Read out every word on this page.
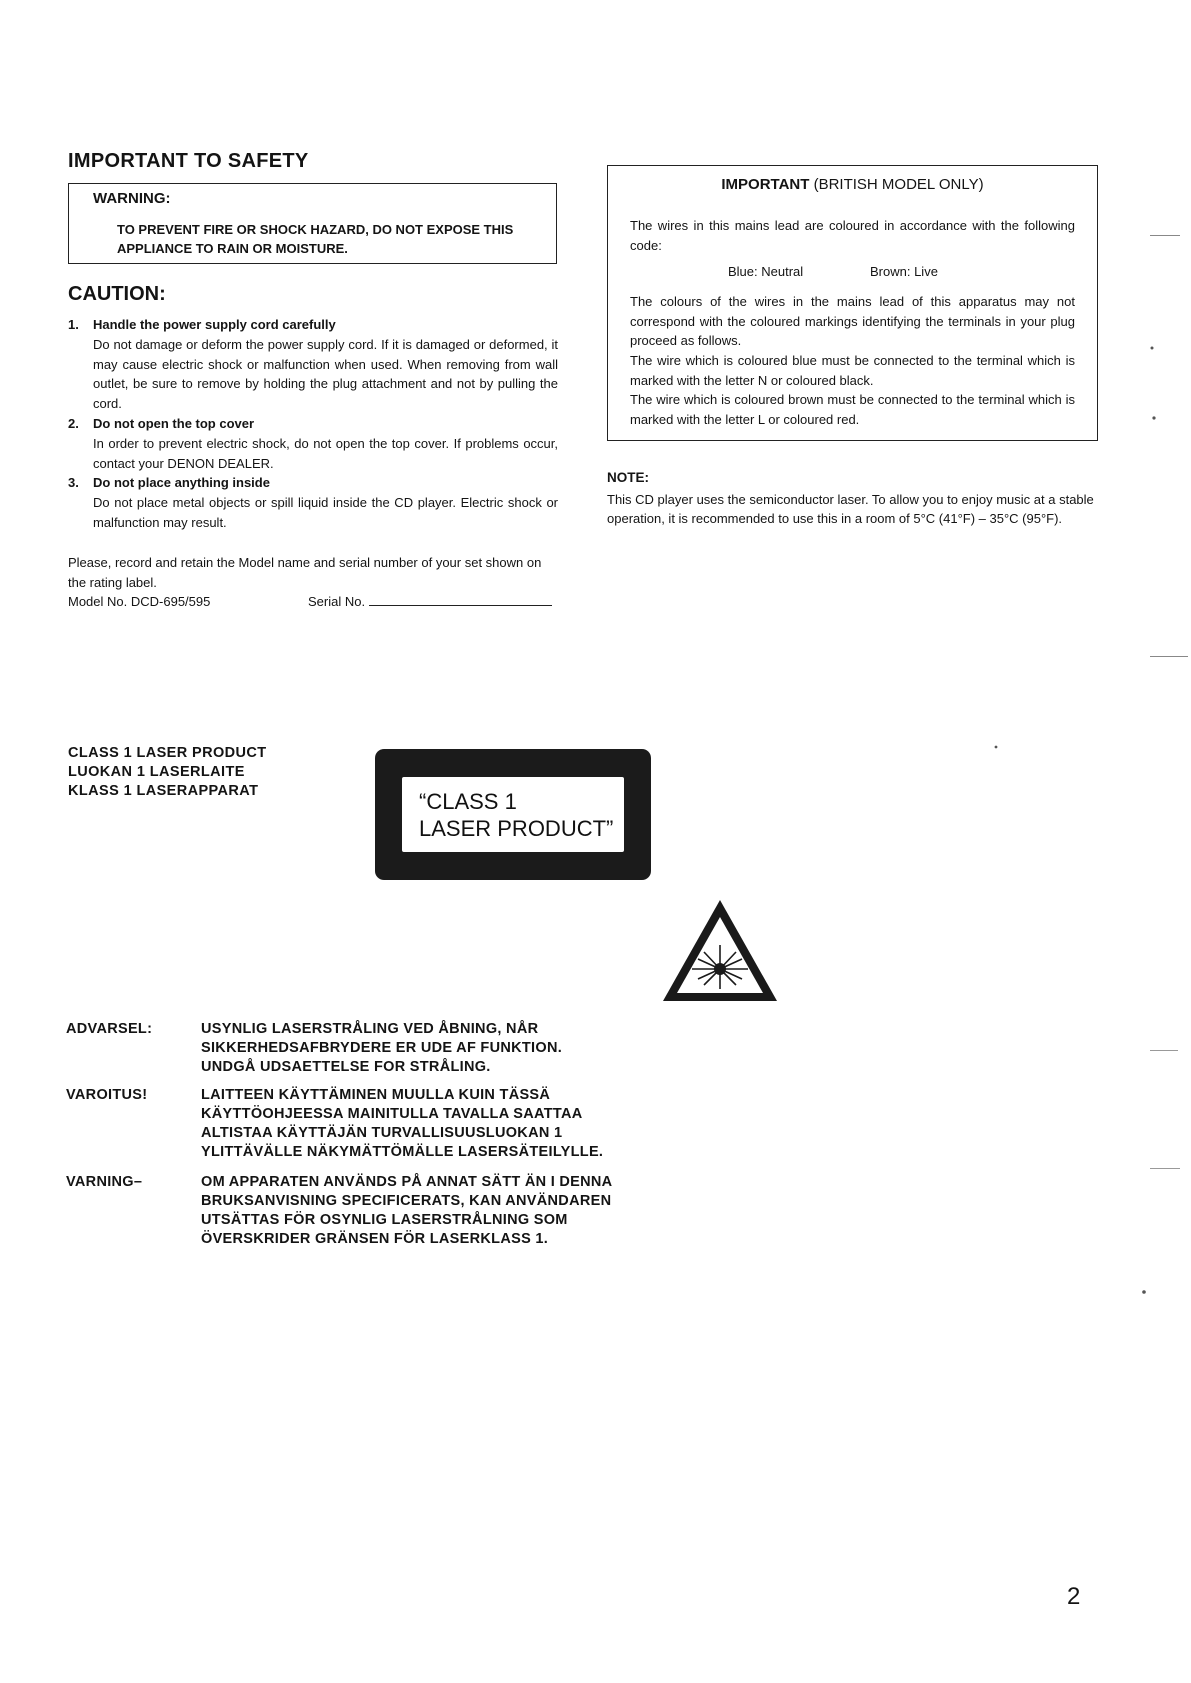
IMPORTANT TO SAFETY
WARNING:
TO PREVENT FIRE OR SHOCK HAZARD, DO NOT EXPOSE THIS
APPLIANCE TO RAIN OR MOISTURE.
CAUTION:
1.	Handle the power supply cord carefully
Do not damage or deform the power supply cord. If it is damaged or deformed, it may cause electric shock or malfunction when used. When removing from wall outlet, be sure to remove by holding the plug attachment and not by pulling the cord.
2.	Do not open the top cover
In order to prevent electric shock, do not open the top cover. If problems occur, contact your DENON DEALER.
3.	Do not place anything inside
Do not place metal objects or spill liquid inside the CD player. Electric shock or malfunction may result.
Please, record and retain the Model name and serial number of your set shown on the rating label.
Model No. DCD-695/595	Serial No.
IMPORTANT (BRITISH MODEL ONLY)
The wires in this mains lead are coloured in accordance with the following code:
Blue: Neutral	Brown: Live
The colours of the wires in the mains lead of this apparatus may not correspond with the coloured markings identifying the terminals in your plug proceed as follows.
The wire which is coloured blue must be connected to the terminal which is marked with the letter N or coloured black.
The wire which is coloured brown must be connected to the terminal which is marked with the letter L or coloured red.
NOTE:
This CD player uses the semiconductor laser. To allow you to enjoy music at a stable operation, it is recommended to use this in a room of 5°C (41°F) – 35°C (95°F).
CLASS 1 LASER PRODUCT
LUOKAN 1 LASERLAITE
KLASS 1 LASERAPPARAT	“CLASS 1
LASER PRODUCT”
ADVARSEL:	USYNLIG LASERSTRÅLING VED ÅBNING, NÅR
SIKKERHEDSAFBRYDERE ER UDE AF FUNKTION.
UNDGÅ UDSAETTELSE FOR STRÅLING.
VAROITUS!	LAITTEEN KÄYTTÄMINEN MUULLA KUIN TÄSSÄ
KÄYTTÖOHJEESSA MAINITULLA TAVALLA SAATTAA
ALTISTAA KÄYTTÄJÄN TURVALLISUUSLUOKAN 1
YLITTÄVÄLLE NÄKYMÄTTÖMÄLLE LASERSÄTEILYLLE.
VARNING–	OM APPARATEN ANVÄNDS PÅ ANNAT SÄTT ÄN I DENNA
BRUKSANVISNING SPECIFICERATS, KAN ANVÄNDAREN
UTSÄTTAS FÖR OSYNLIG LASERSTRÅLNING SOM
ÖVERSKRIDER GRÄNSEN FÖR LASERKLASS 1.
2
